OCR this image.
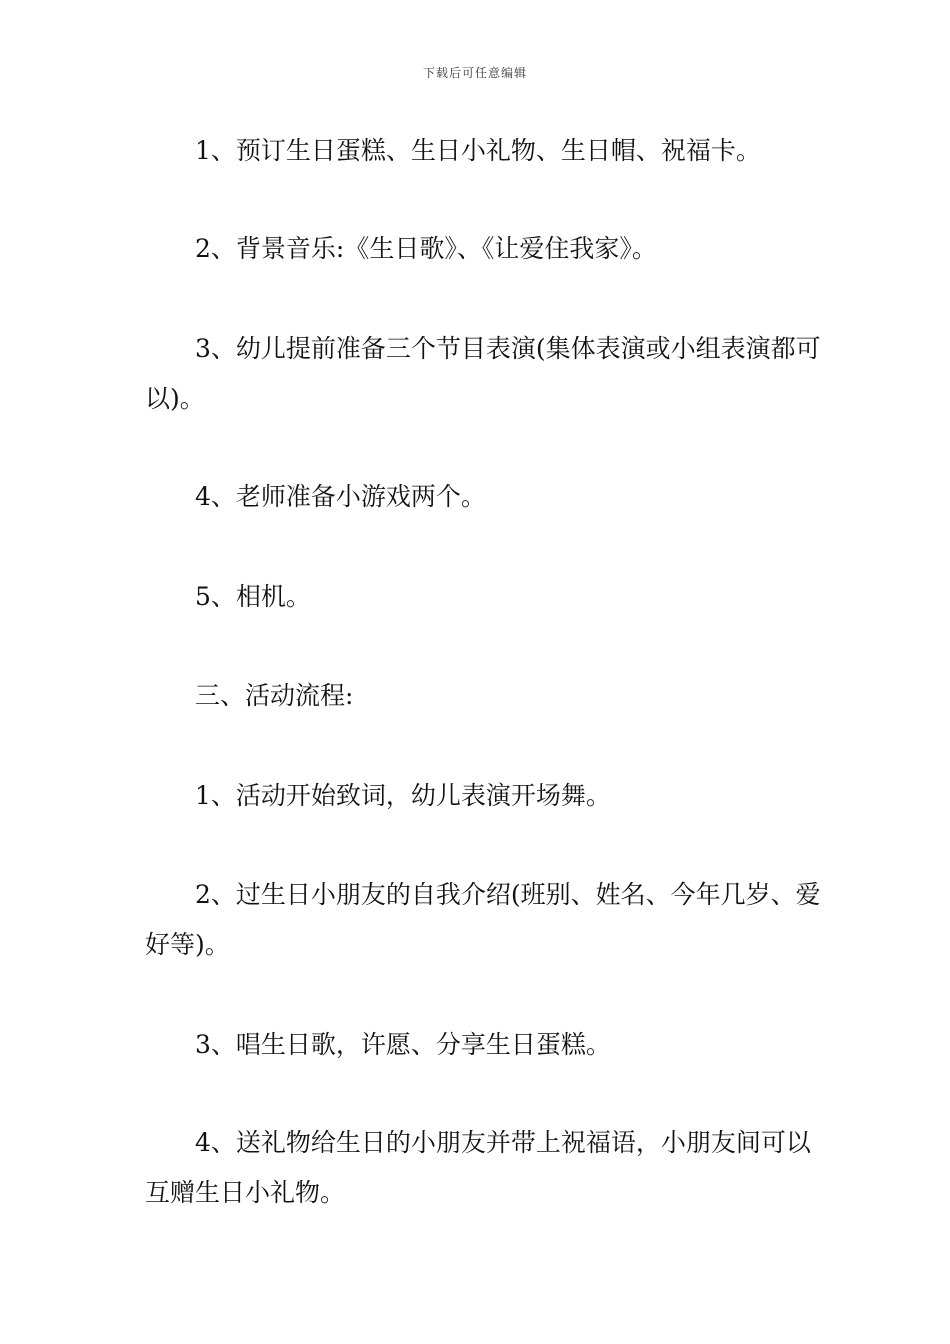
下载后可任意编辑

1、预订生日蛋糕、生日小礼物、生日帽、祝福卡。

2、背景音乐:《生日歌》、《让爱住我家》。

3、幼儿提前准备三个节目表演(集体表演或小组表演都可以)。

4、老师准备小游戏两个。

5、相机。

三、活动流程:

1、活动开始致词，幼儿表演开场舞。

2、过生日小朋友的自我介绍(班别、姓名、今年几岁、爱好等)。

3、唱生日歌，许愿、分享生日蛋糕。

4、送礼物给生日的小朋友并带上祝福语，小朋友间可以互赠生日小礼物。
